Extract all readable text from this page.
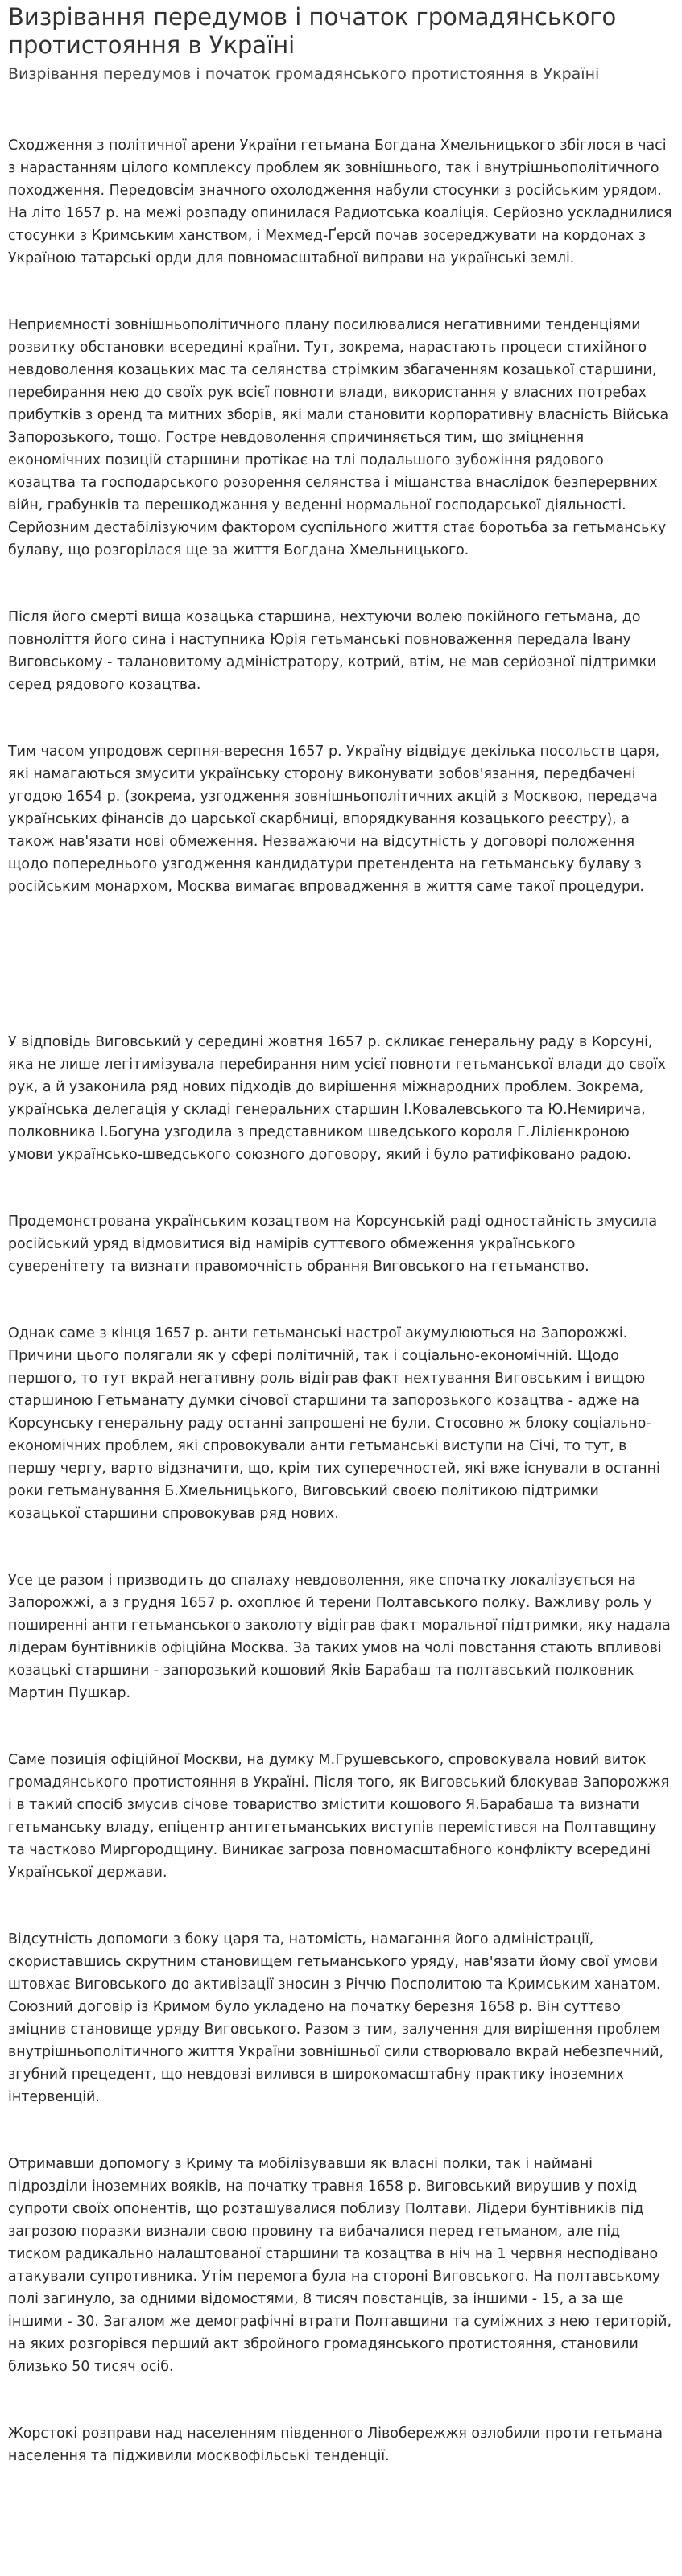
Визрівання передумов і початок громадянського протистояння в Україні
Визрівання передумов і початок громадянського протистояння в Україні

Сходження з політичної арени України гетьмана Богдана Хмельницького збіглося в часі з нарастанням цілого комплексу проблем як зовнішнього, так і внутрішньополітичного походження. Передовсім значного охолодження набули стосунки з російським урядом. На літо 1657 р. на межі розпаду опинилася Радиотська коаліція. Серйозно ускладнилися стосунки з Кримським ханством, і Мехмед-Ґерсй почав зосереджувати на кордонах з Україною татарські орди для повномасштабної виправи на українські землі.

Неприємності зовнішньополітичного плану посилювалися негативними тенденціями розвитку обстановки всередині країни. Тут, зокрема, нарастають процеси стихійного невдоволення козацьких мас та селянства стрімким збагаченням козацької старшини, перебирання нею до своїх рук всієї повноти влади, використання у власних потребах прибутків з оренд та митних зборів, які мали становити корпоративну власність Війська Запорозького, тощо. Гостре невдоволення спричиняється тим, що зміцнення економічних позицій старшини протікає на тлі подальшого зубожіння рядового козацтва та господарського розорення селянства і міщанства внаслідок безперервних війн, грабунків та перешкоджання у веденні нормальної господарської діяльності. Серйозним дестабілізуючим фактором суспільного життя стає боротьба за гетьманську булаву, що розгорілася ще за життя Богдана Хмельницького.

Після його смерті вища козацька старшина, нехтуючи волею покійного гетьмана, до повноліття його сина і наступника Юрія гетьманські повноваження передала Івану Виговському - талановитому адміністратору, котрий, втім, не мав серйозної підтримки серед рядового козацтва.

Тим часом упродовж серпня-вересня 1657 р. Україну відвідує декілька посольств царя, які намагаються змусити українську сторону виконувати зобов'язання, передбачені угодою 1654 р. (зокрема, узгодження зовнішньополітичних акцій з Москвою, передача українських фінансів до царської скарбниці, впорядкування козацького реєстру), а також нав'язати нові обмеження. Незважаючи на відсутність у договорі положення щодо попереднього узгодження кандидатури претендента на гетьманську булаву з російським монархом, Москва вимагає впровадження в життя саме такої процедури.

У відповідь Виговський у середині жовтня 1657 р. скликає генеральну раду в Корсуні, яка не лише легітимізувала перебирання ним усієї повноти гетьманської влади до своїх рук, а й узаконила ряд нових підходів до вирішення міжнародних проблем. Зокрема, українська делегація у складі генеральних старшин І.Ковалевського та Ю.Немирича, полковника І.Богуна узгодила з представником шведського короля Г.Лілієнкроною умови українсько-шведського союзного договору, який і було ратифіковано радою.

Продемонстрована українським козацтвом на Корсунській раді одностайність змусила російський уряд відмовитися від намірів суттєвого обмеження українського суверенітету та визнати правомочність обрання Виговського на гетьманство.

Однак саме з кінця 1657 р. анти гетьманські настрої акумулюються на Запорожжі. Причини цього полягали як у сфері політичній, так і соціально-економічній. Щодо першого, то тут вкрай негативну роль відіграв факт нехтування Виговським і вищою старшиною Гетьманату думки січової старшини та запорозького козацтва - адже на Корсунську генеральну раду останні запрошені не були. Стосовно ж блоку соціально-економічних проблем, які спровокували анти гетьманські виступи на Січі, то тут, в першу чергу, варто відзначити, що, крім тих суперечностей, які вже існували в останні роки гетьманування Б.Хмельницького, Виговський своєю політикою підтримки козацької старшини спровокував ряд нових.

Усе це разом і призводить до спалаху невдоволення, яке спочатку локалізується на Запорожжі, а з грудня 1657 р. охоплює й терени Полтавського полку. Важливу роль у поширенні анти гетьманського заколоту відіграв факт моральної підтримки, яку надала лідерам бунтівників офіційна Москва. За таких умов на чолі повстання стають впливові козацькі старшини - запорозький кошовий Яків Барабаш та полтавський полковник Мартин Пушкар.

Саме позиція офіційної Москви, на думку М.Грушевського, спровокувала новий виток громадянського протистояння в Україні. Після того, як Виговський блокував Запорожжя і в такий спосіб змусив січове товариство змістити кошового Я.Барабаша та визнати гетьманську владу, епіцентр антигетьманських виступів перемістився на Полтавщину та частково Миргородщину. Виникає загроза повномасштабного конфлікту всередині Української держави.

Відсутність допомоги з боку царя та, натомість, намагання його адміністрації, скориставшись скрутним становищем гетьманського уряду, нав'язати йому свої умови штовхає Виговського до активізації зносин з Річчю Посполитою та Кримським ханатом. Союзний договір із Кримом було укладено на початку березня 1658 р. Він суттєво зміцнив становище уряду Виговського. Разом з тим, залучення для вирішення проблем внутрішньополітичного життя України зовнішньої сили створювало вкрай небезпечний, згубний прецедент, що невдовзі вилився в широкомасштабну практику іноземних інтервенцій.

Отримавши допомогу з Криму та мобілізувавши як власні полки, так і наймані підрозділи іноземних вояків, на початку травня 1658 р. Виговський вирушив у похід супроти своїх опонентів, що розташувалися поблизу Полтави. Лідери бунтівників під загрозою поразки визнали свою провину та вибачалися перед гетьманом, але під тиском радикально налаштованої старшини та козацтва в ніч на 1 червня несподівано атакували супротивника. Утім перемога була на стороні Виговського. На полтавському полі загинуло, за одними відомостями, 8 тисяч повстанців, за іншими - 15, а за ще іншими - 30. Загалом же демографічні втрати Полтавщини та суміжних з нею територій, на яких розгорівся перший акт збройного громадянського протистояння, становили близько 50 тисяч осіб.

Жорстокі розправи над населенням південного Лівобережжя озлобили проти гетьмана населення та підживили москвофільські тенденції.
